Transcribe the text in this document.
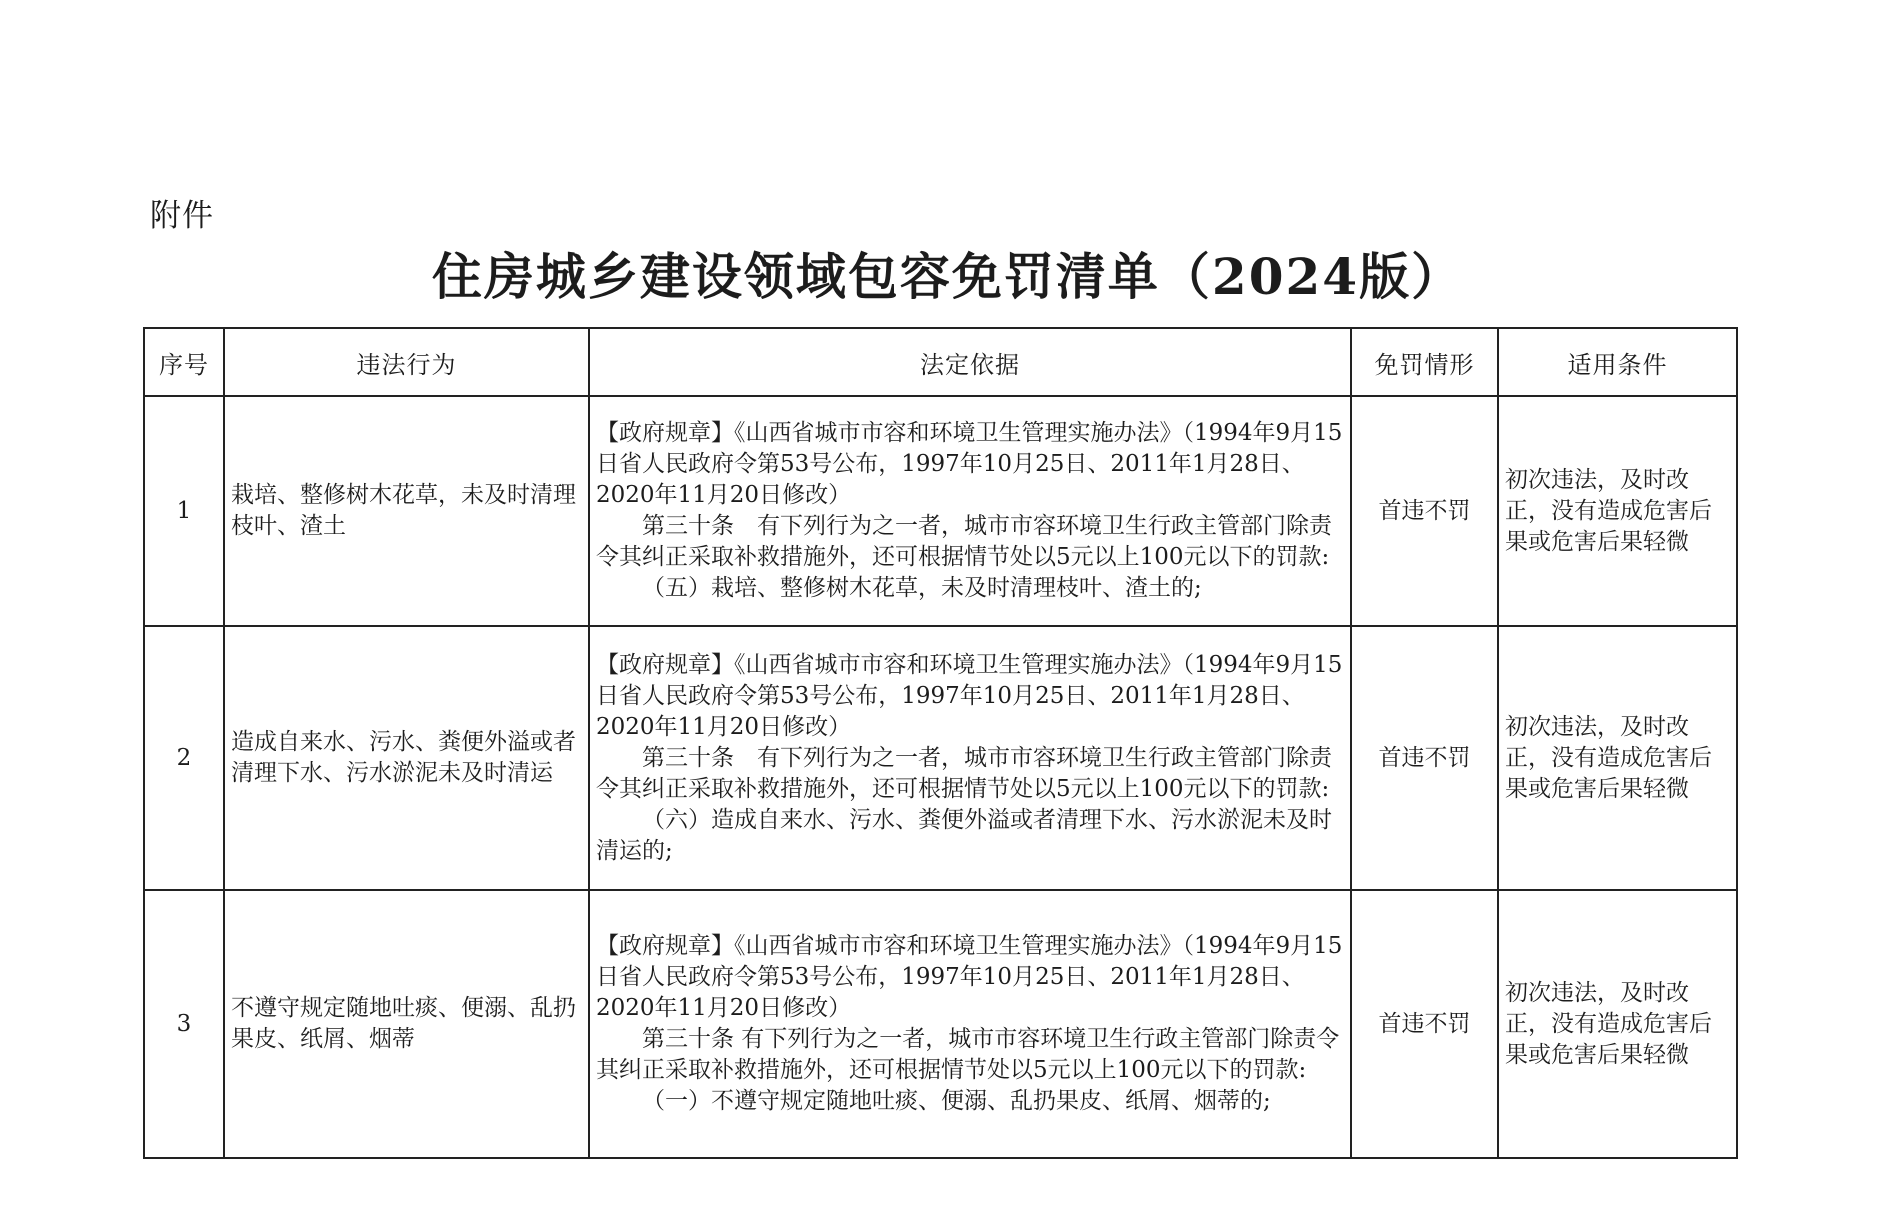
附件
住房城乡建设领域包容免罚清单（2024版）
序号	违法行为	法定依据	免罚情形	适用条件
1	栽培、整修树木花草，未及时清理枝叶、渣土	【政府规章】《山西省城市市容和环境卫生管理实施办法》（1994年9月15日省人民政府令第53号公布，1997年10月25日、2011年1月28日、2020年11月20日修改）
第三十条　有下列行为之一者，城市市容环境卫生行政主管部门除责令其纠正采取补救措施外，还可根据情节处以5元以上100元以下的罚款:
（五）栽培、整修树木花草，未及时清理枝叶、渣土的;	首违不罚	初次违法，及时改正，没有造成危害后果或危害后果轻微
2	造成自来水、污水、粪便外溢或者清理下水、污水淤泥未及时清运	【政府规章】《山西省城市市容和环境卫生管理实施办法》（1994年9月15日省人民政府令第53号公布，1997年10月25日、2011年1月28日、2020年11月20日修改）
第三十条　有下列行为之一者，城市市容环境卫生行政主管部门除责令其纠正采取补救措施外，还可根据情节处以5元以上100元以下的罚款:
（六）造成自来水、污水、粪便外溢或者清理下水、污水淤泥未及时清运的;	首违不罚	初次违法，及时改正，没有造成危害后果或危害后果轻微
3	不遵守规定随地吐痰、便溺、乱扔果皮、纸屑、烟蒂	【政府规章】《山西省城市市容和环境卫生管理实施办法》（1994年9月15日省人民政府令第53号公布，1997年10月25日、2011年1月28日、2020年11月20日修改）
第三十条 有下列行为之一者，城市市容环境卫生行政主管部门除责令其纠正采取补救措施外，还可根据情节处以5元以上100元以下的罚款:
（一）不遵守规定随地吐痰、便溺、乱扔果皮、纸屑、烟蒂的;	首违不罚	初次违法，及时改正，没有造成危害后果或危害后果轻微
